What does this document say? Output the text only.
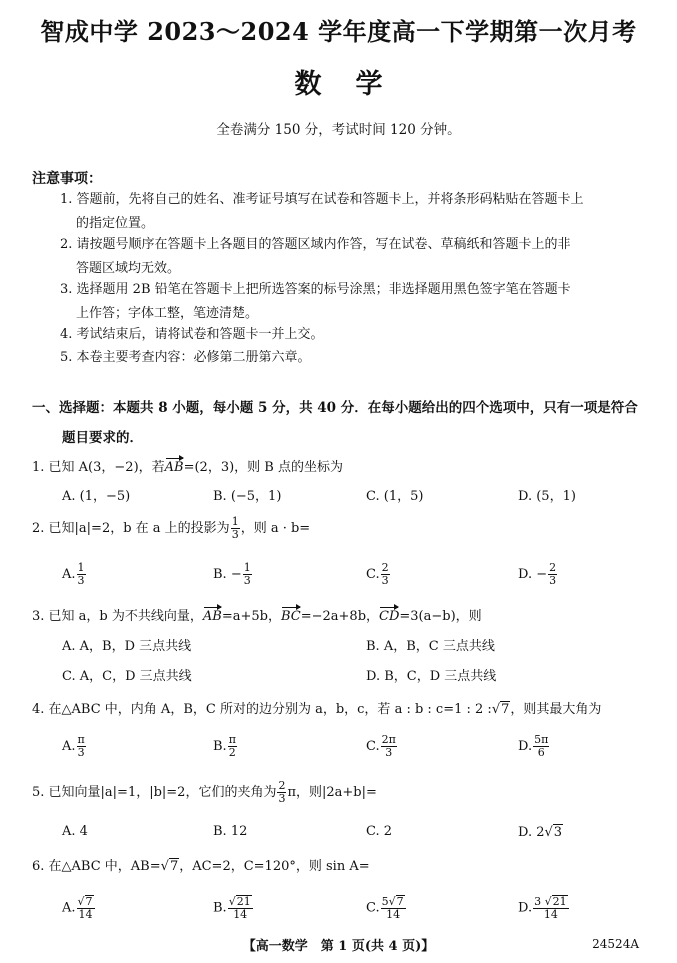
智成中学 2023～2024 学年度高一下学期第一次月考
数学
全卷满分 150 分，考试时间 120 分钟。
注意事项：
1. 答题前，先将自己的姓名、准考证号填写在试卷和答题卡上，并将条形码粘贴在答题卡上
的指定位置。
2. 请按题号顺序在答题卡上各题目的答题区域内作答，写在试卷、草稿纸和答题卡上的非
答题区域均无效。
3. 选择题用 2B 铅笔在答题卡上把所选答案的标号涂黑；非选择题用黑色签字笔在答题卡
上作答；字体工整，笔迹清楚。
4. 考试结束后，请将试卷和答题卡一并上交。
5. 本卷主要考查内容：必修第二册第六章。
一、选择题：本题共 8 小题，每小题 5 分，共 40 分．在每小题给出的四个选项中，只有一项是符合
题目要求的．
1. 已知 A(3，−2)，若AB=(2，3)，则 B 点的坐标为
A. (1，−5)	B. (−5，1)	C. (1，5)	D. (5，1)
2. 已知|a|=2，b 在 a 上的投影为 $\frac{1}{3}$ ，则 a · b=
A. $\frac{1}{3}$	B. − $\frac{1}{3}$	C. $\frac{2}{3}$	D. − $\frac{2}{3}$
3. 已知 a，b 为不共线向量，AB=a+5b，BC=−2a+8b，CD=3(a−b)，则
A. A，B，D 三点共线	B. A，B，C 三点共线
C. A，C，D 三点共线	D. B，C，D 三点共线
4. 在△ABC 中，内角 A，B，C 所对的边分别为 a，b，c，若 a : b : c=1 : 2 :√7，则其最大角为
A. $\frac{\pi}{3}$	B. $\frac{\pi}{2}$	C. $\frac{2\pi}{3}$	D. $\frac{5\pi}{6}$
5. 已知向量|a|=1，|b|=2，它们的夹角为 $\frac{2}{3}$ π，则|2a+b|=
A. 4	B. 12	C. 2	D. 2√3
6. 在△ABC 中，AB=√7，AC=2，C=120°，则 sin A=
A. $\frac{√7}{14}$	B. $\frac{√21}{14}$	C. $\frac{5√7}{14}$	D. $\frac{3 √21}{14}$
【高一数学　第 1 页(共 4 页)】	24524A
